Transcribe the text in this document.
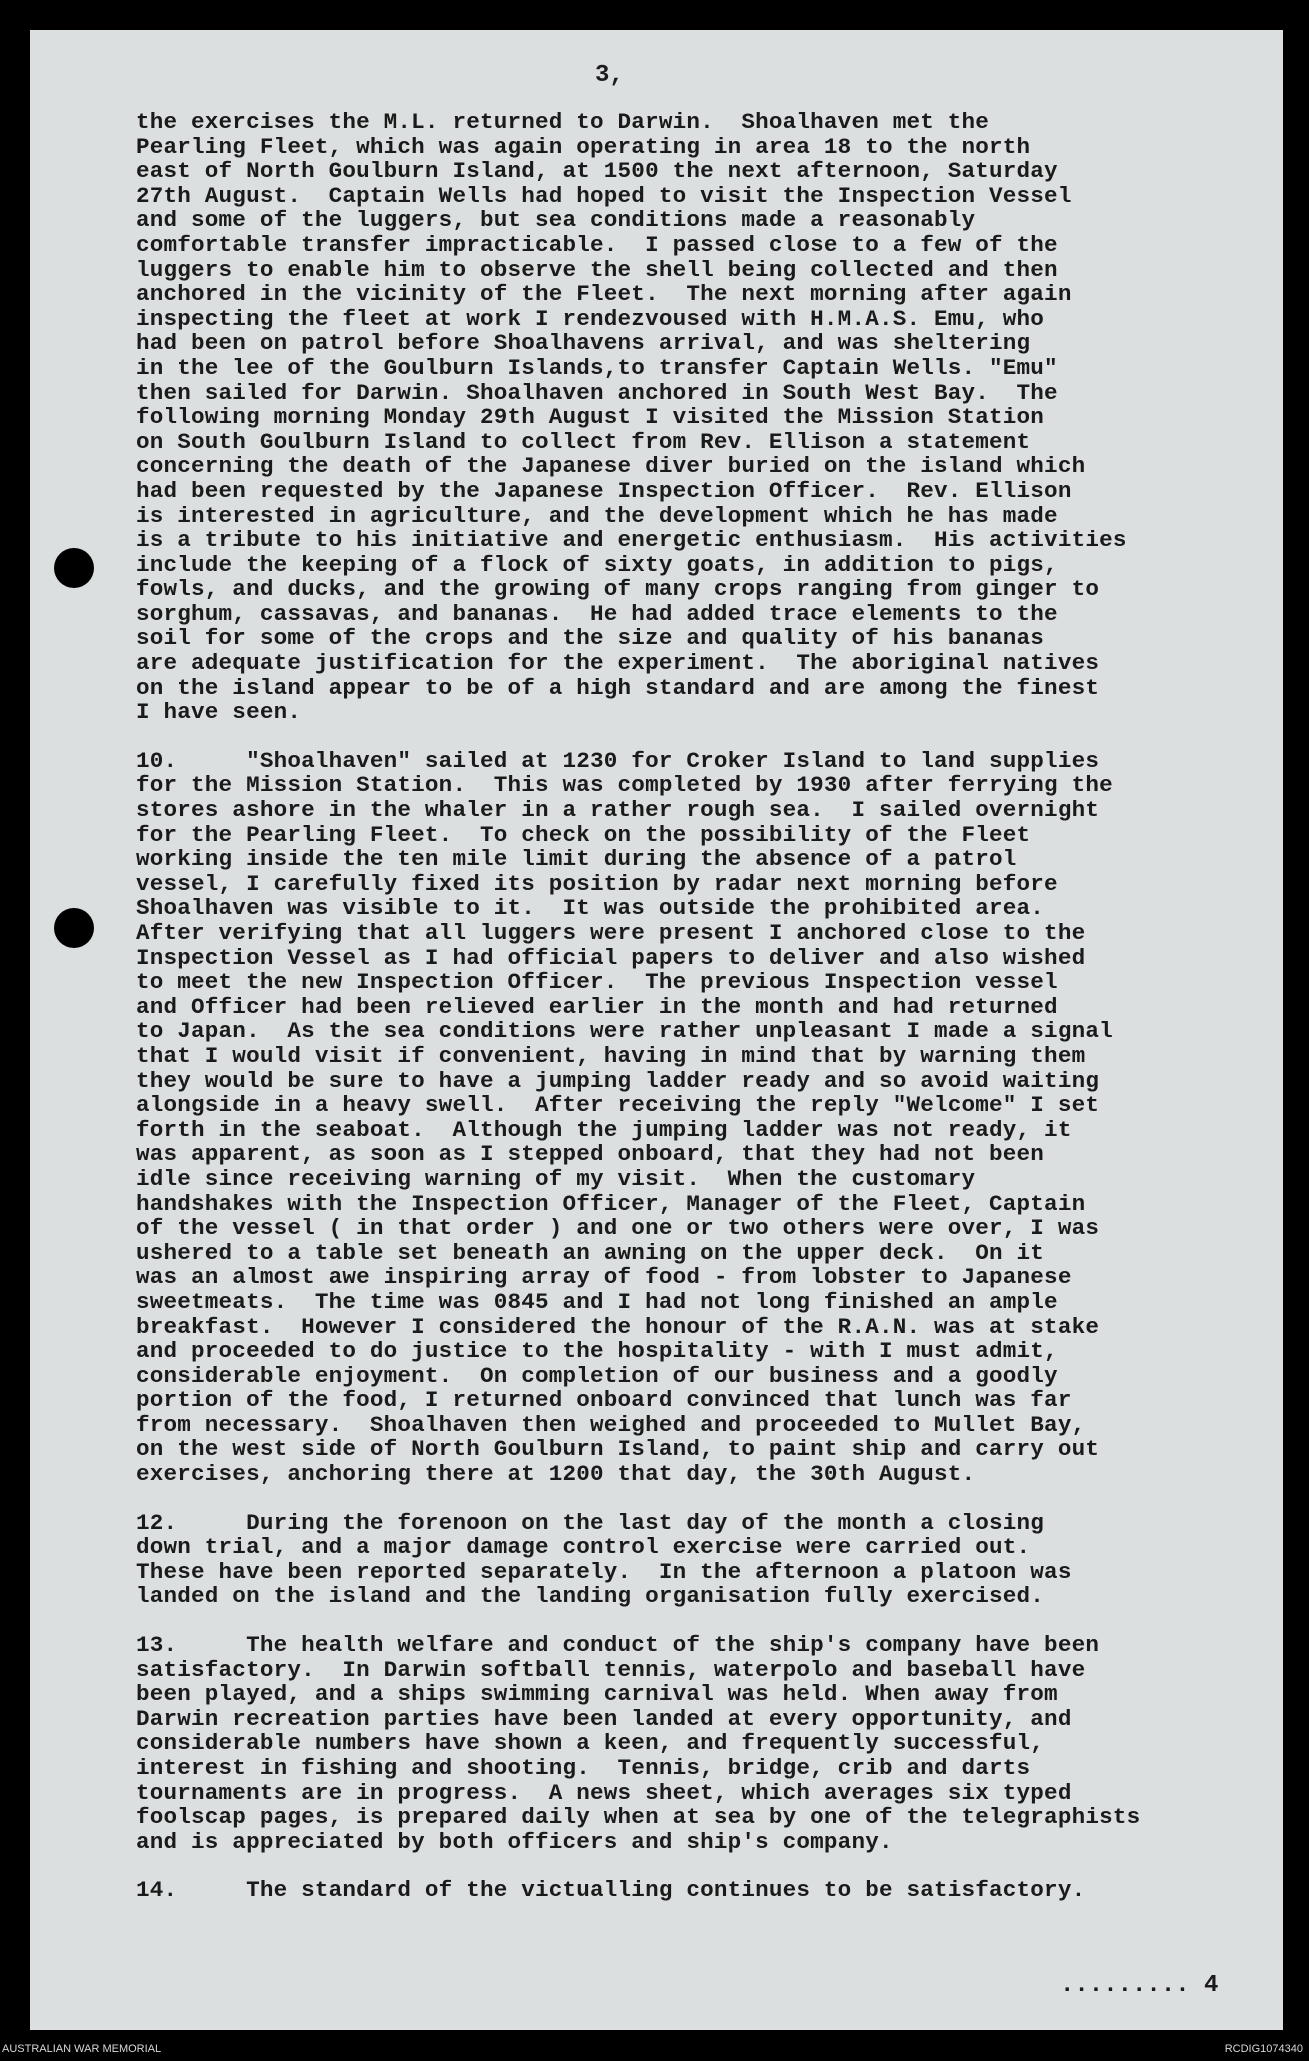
3,
the exercises the M.L. returned to Darwin.  Shoalhaven met the
Pearling Fleet, which was again operating in area 18 to the north
east of North Goulburn Island, at 1500 the next afternoon, Saturday
27th August.  Captain Wells had hoped to visit the Inspection Vessel
and some of the luggers, but sea conditions made a reasonably
comfortable transfer impracticable.  I passed close to a few of the
luggers to enable him to observe the shell being collected and then
anchored in the vicinity of the Fleet.  The next morning after again
inspecting the fleet at work I rendezvoused with H.M.A.S. Emu, who
had been on patrol before Shoalhavens arrival, and was sheltering
in the lee of the Goulburn Islands,to transfer Captain Wells. "Emu"
then sailed for Darwin. Shoalhaven anchored in South West Bay.  The
following morning Monday 29th August I visited the Mission Station
on South Goulburn Island to collect from Rev. Ellison a statement
concerning the death of the Japanese diver buried on the island which
had been requested by the Japanese Inspection Officer.  Rev. Ellison
is interested in agriculture, and the development which he has made
is a tribute to his initiative and energetic enthusiasm.  His activities
include the keeping of a flock of sixty goats, in addition to pigs,
fowls, and ducks, and the growing of many crops ranging from ginger to
sorghum, cassavas, and bananas.  He had added trace elements to the
soil for some of the crops and the size and quality of his bananas
are adequate justification for the experiment.  The aboriginal natives
on the island appear to be of a high standard and are among the finest
I have seen.
10.     "Shoalhaven" sailed at 1230 for Croker Island to land supplies
for the Mission Station.  This was completed by 1930 after ferrying the
stores ashore in the whaler in a rather rough sea.  I sailed overnight
for the Pearling Fleet.  To check on the possibility of the Fleet
working inside the ten mile limit during the absence of a patrol
vessel, I carefully fixed its position by radar next morning before
Shoalhaven was visible to it.  It was outside the prohibited area.
After verifying that all luggers were present I anchored close to the
Inspection Vessel as I had official papers to deliver and also wished
to meet the new Inspection Officer.  The previous Inspection vessel
and Officer had been relieved earlier in the month and had returned
to Japan.  As the sea conditions were rather unpleasant I made a signal
that I would visit if convenient, having in mind that by warning them
they would be sure to have a jumping ladder ready and so avoid waiting
alongside in a heavy swell.  After receiving the reply "Welcome" I set
forth in the seaboat.  Although the jumping ladder was not ready, it
was apparent, as soon as I stepped onboard, that they had not been
idle since receiving warning of my visit.  When the customary
handshakes with the Inspection Officer, Manager of the Fleet, Captain
of the vessel ( in that order ) and one or two others were over, I was
ushered to a table set beneath an awning on the upper deck.  On it
was an almost awe inspiring array of food - from lobster to Japanese
sweetmeats.  The time was 0845 and I had not long finished an ample
breakfast.  However I considered the honour of the R.A.N. was at stake
and proceeded to do justice to the hospitality - with I must admit,
considerable enjoyment.  On completion of our business and a goodly
portion of the food, I returned onboard convinced that lunch was far
from necessary.  Shoalhaven then weighed and proceeded to Mullet Bay,
on the west side of North Goulburn Island, to paint ship and carry out
exercises, anchoring there at 1200 that day, the 30th August.
12.     During the forenoon on the last day of the month a closing
down trial, and a major damage control exercise were carried out.
These have been reported separately.  In the afternoon a platoon was
landed on the island and the landing organisation fully exercised.
13.     The health welfare and conduct of the ship's company have been
satisfactory.  In Darwin softball tennis, waterpolo and baseball have
been played, and a ships swimming carnival was held. When away from
Darwin recreation parties have been landed at every opportunity, and
considerable numbers have shown a keen, and frequently successful,
interest in fishing and shooting.  Tennis, bridge, crib and darts
tournaments are in progress.  A news sheet, which averages six typed
foolscap pages, is prepared daily when at sea by one of the telegraphists
and is appreciated by both officers and ship's company.
14.     The standard of the victualling continues to be satisfactory.
......... 4
AUSTRALIAN WAR MEMORIAL	RCDIG1074340
